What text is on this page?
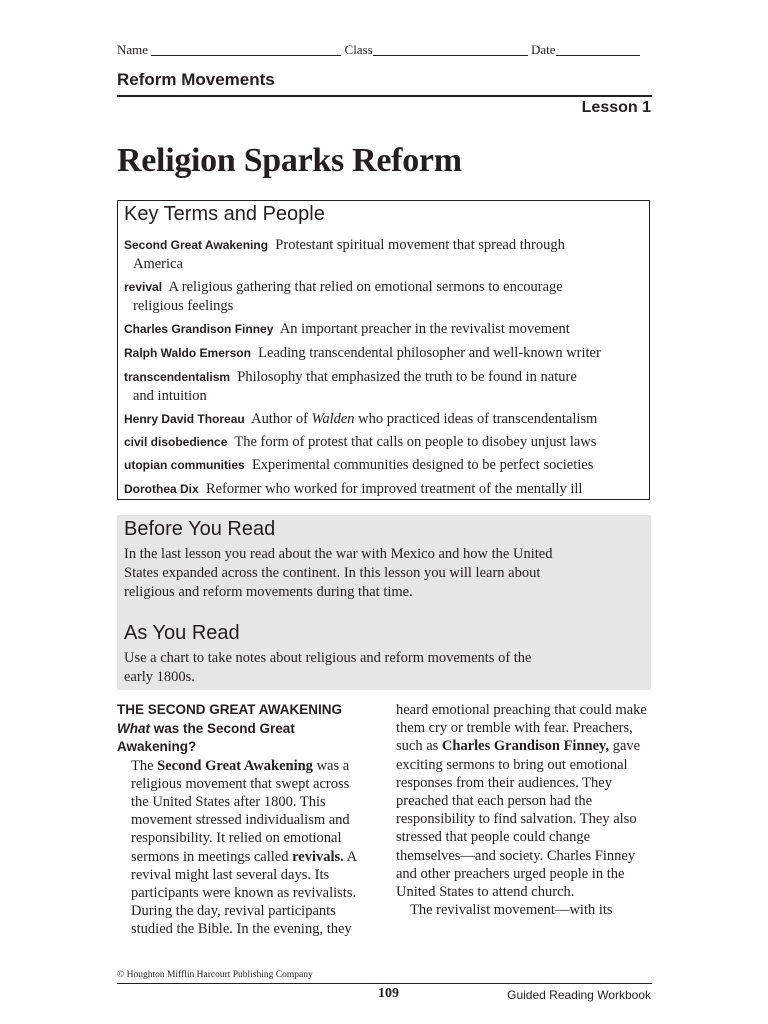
Name	Class	Date
Reform Movements
Lesson 1
Religion Sparks Reform
Key Terms and People
Second Great Awakening Protestant spiritual movement that spread through
America
revival A religious gathering that relied on emotional sermons to encourage
religious feelings
Charles Grandison Finney An important preacher in the revivalist movement
Ralph Waldo Emerson Leading transcendental philosopher and well-known writer
transcendentalism Philosophy that emphasized the truth to be found in nature
and intuition
Henry David Thoreau Author of Walden who practiced ideas of transcendentalism
civil disobedience The form of protest that calls on people to disobey unjust laws
utopian communities Experimental communities designed to be perfect societies
Dorothea Dix Reformer who worked for improved treatment of the mentally ill
Before You Read
In the last lesson you read about the war with Mexico and how the United States expanded across the continent. In this lesson you will learn about religious and reform movements during that time.
As You Read
Use a chart to take notes about religious and reform movements of the early 1800s.
THE SECOND GREAT AWAKENING
What was the Second Great Awakening?
The Second Great Awakening was a religious movement that swept across the United States after 1800. This movement stressed individualism and responsibility. It relied on emotional sermons in meetings called revivals. A revival might last several days. Its participants were known as revivalists. During the day, revival participants studied the Bible. In the evening, they
heard emotional preaching that could make them cry or tremble with fear. Preachers, such as Charles Grandison Finney, gave exciting sermons to bring out emotional responses from their audiences. They preached that each person had the responsibility to find salvation. They also stressed that people could change themselves—and society. Charles Finney and other preachers urged people in the United States to attend church.
The revivalist movement—with its
© Houghton Mifflin Harcourt Publishing Company
109	Guided Reading Workbook
